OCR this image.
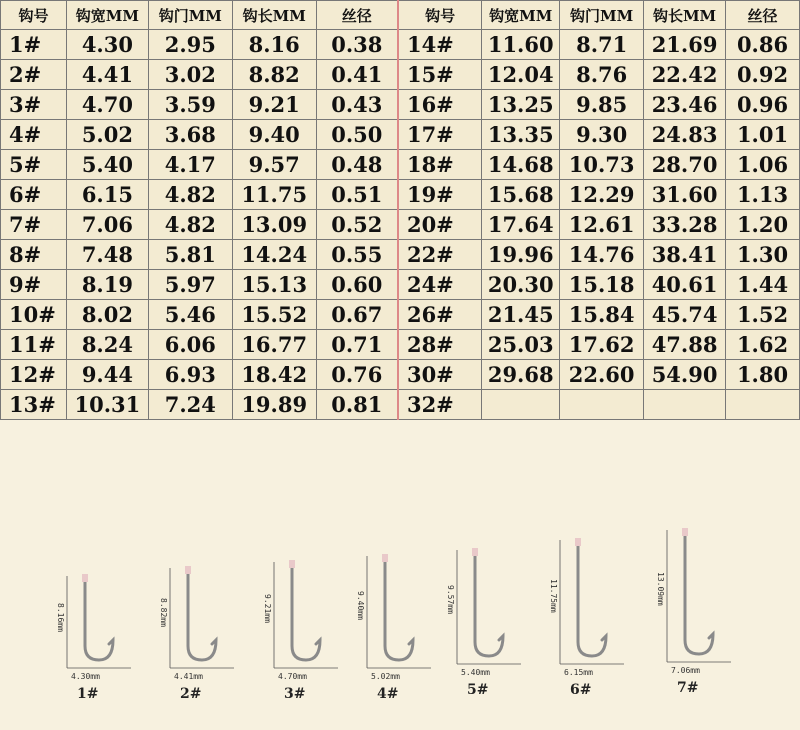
钩号	钩宽MM	钩门MM	钩长MM	丝径	钩号	钩宽MM	钩门MM	钩长MM	丝径
1#	4.30	2.95	8.16	0.38	14#	11.60	8.71	21.69	0.86
2#	4.41	3.02	8.82	0.41	15#	12.04	8.76	22.42	0.92
3#	4.70	3.59	9.21	0.43	16#	13.25	9.85	23.46	0.96
4#	5.02	3.68	9.40	0.50	17#	13.35	9.30	24.83	1.01
5#	5.40	4.17	9.57	0.48	18#	14.68	10.73	28.70	1.06
6#	6.15	4.82	11.75	0.51	19#	15.68	12.29	31.60	1.13
7#	7.06	4.82	13.09	0.52	20#	17.64	12.61	33.28	1.20
8#	7.48	5.81	14.24	0.55	22#	19.96	14.76	38.41	1.30
9#	8.19	5.97	15.13	0.60	24#	20.30	15.18	40.61	1.44
10#	8.02	5.46	15.52	0.67	26#	21.45	15.84	45.74	1.52
11#	8.24	6.06	16.77	0.71	28#	25.03	17.62	47.88	1.62
12#	9.44	6.93	18.42	0.76	30#	29.68	22.60	54.90	1.80
13#	10.31	7.24	19.89	0.81	32#				
8.16mm
4.30mm
1#
8.82mm
4.41mm
2#
9.21mm
4.70mm
3#
9.40mm
5.02mm
4#
9.57mm
5.40mm
5#
11.75mm
6.15mm
6#
13.09mm
7.06mm
7#
